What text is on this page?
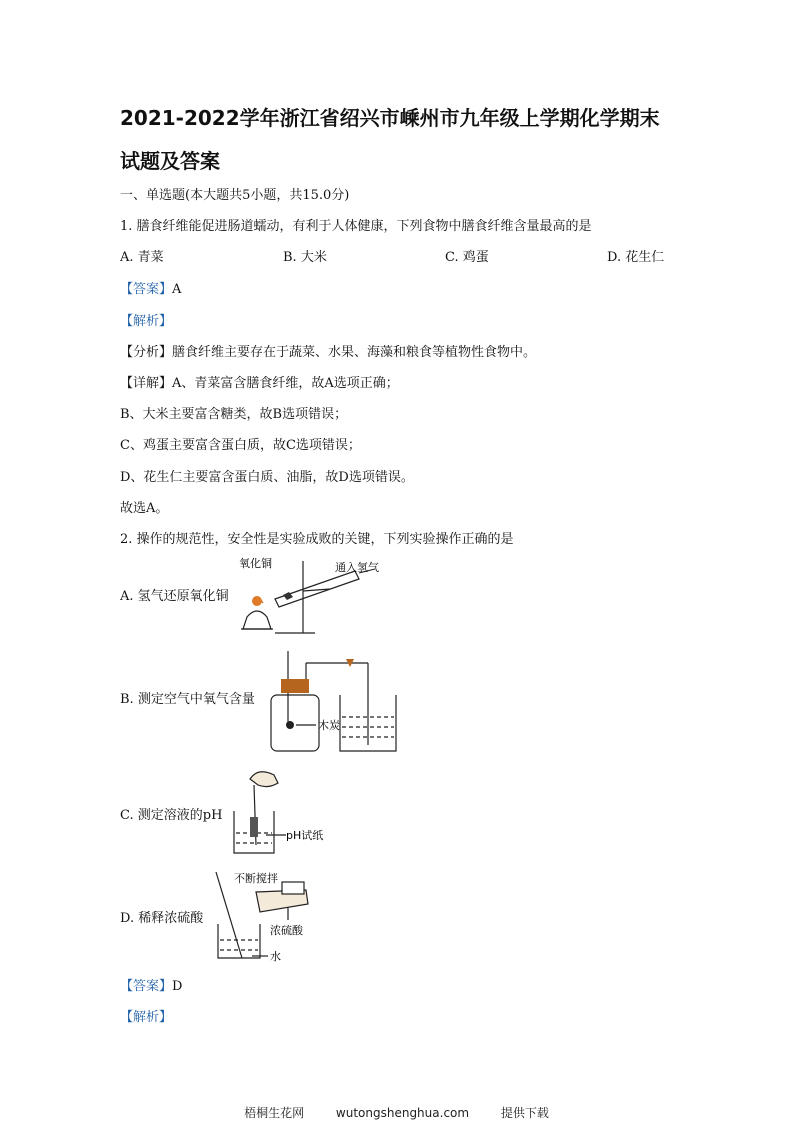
2021-2022学年浙江省绍兴市嵊州市九年级上学期化学期末
试题及答案
一、单选题(本大题共5小题，共15.0分)
1. 膳食纤维能促进肠道蠕动，有利于人体健康，下列食物中膳食纤维含量最高的是
A. 青菜	B. 大米	C. 鸡蛋	D. 花生仁
【答案】A
【解析】
【分析】膳食纤维主要存在于蔬菜、水果、海藻和粮食等植物性食物中。
【详解】A、青菜富含膳食纤维，故A选项正确；
B、大米主要富含糖类，故B选项错误；
C、鸡蛋主要富含蛋白质，故C选项错误；
D、花生仁主要富含蛋白质、油脂，故D选项错误。
故选A。
2. 操作的规范性，安全性是实验成败的关键，下列实验操作正确的是
A. 氢气还原氧化铜
氧化铜	通入氢气
B. 测定空气中氧气含量
木炭
C. 测定溶液的pH
pH试纸
D. 稀释浓硫酸
不断搅拌
浓硫酸
水
【答案】D
【解析】
梧桐生花网	wutongshenghua.com	提供下载
